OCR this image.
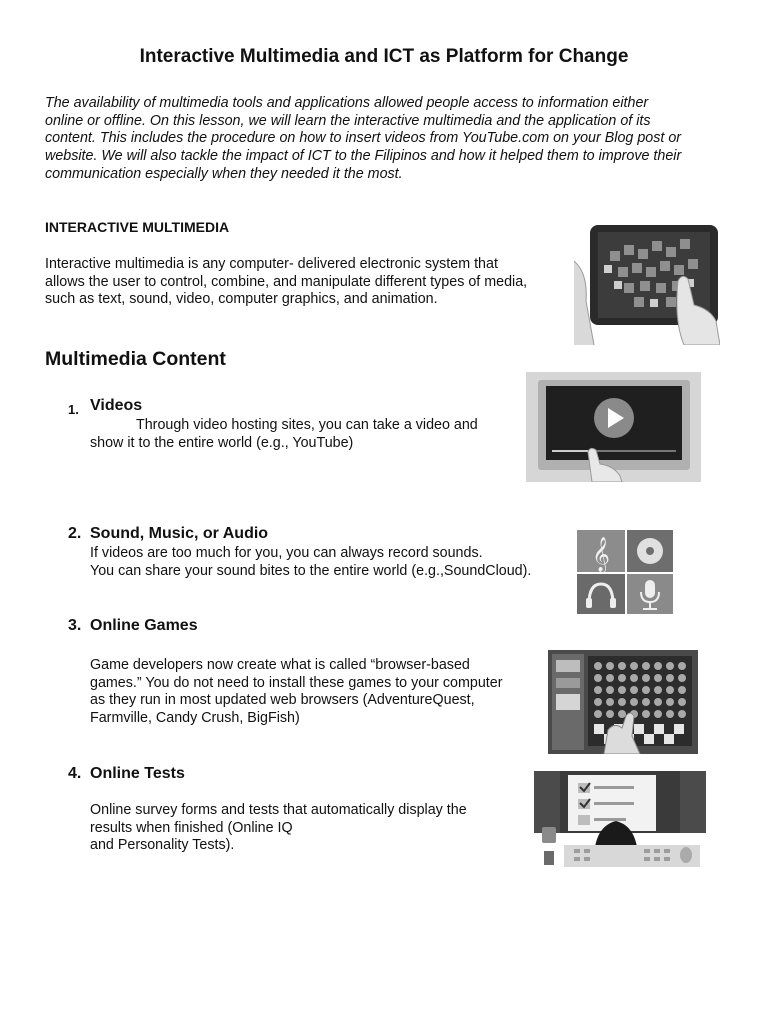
Interactive Multimedia and ICT as Platform for Change
The availability of multimedia tools and applications allowed people access to information either
online or offline. On this lesson, we will learn the interactive multimedia and the application of its
content. This includes the procedure on how to insert videos from YouTube.com on your Blog post or
website. We will also tackle the impact of ICT to the Filipinos and how it helped them to improve their
communication especially when they needed it the most.
INTERACTIVE MULTIMEDIA
Interactive multimedia is any computer- delivered electronic system that
allows the user to control, combine, and manipulate different types of media,
such as text, sound, video, computer graphics, and animation.
Multimedia Content
1. Videos
Through video hosting sites, you can take a video and
show it to the entire world (e.g., YouTube)
2. Sound, Music, or Audio
If videos are too much for you, you can always record sounds.
You can share your sound bites to the entire world (e.g.,SoundCloud).	𝄞
3. Online Games
Game developers now create what is called “browser-based
games.” You do not need to install these games to your computer
as they run in most updated web browsers (AdventureQuest,
Farmville, Candy Crush, BigFish)
4. Online Tests
Online survey forms and tests that automatically display the
results when finished (Online IQ
and Personality Tests).
